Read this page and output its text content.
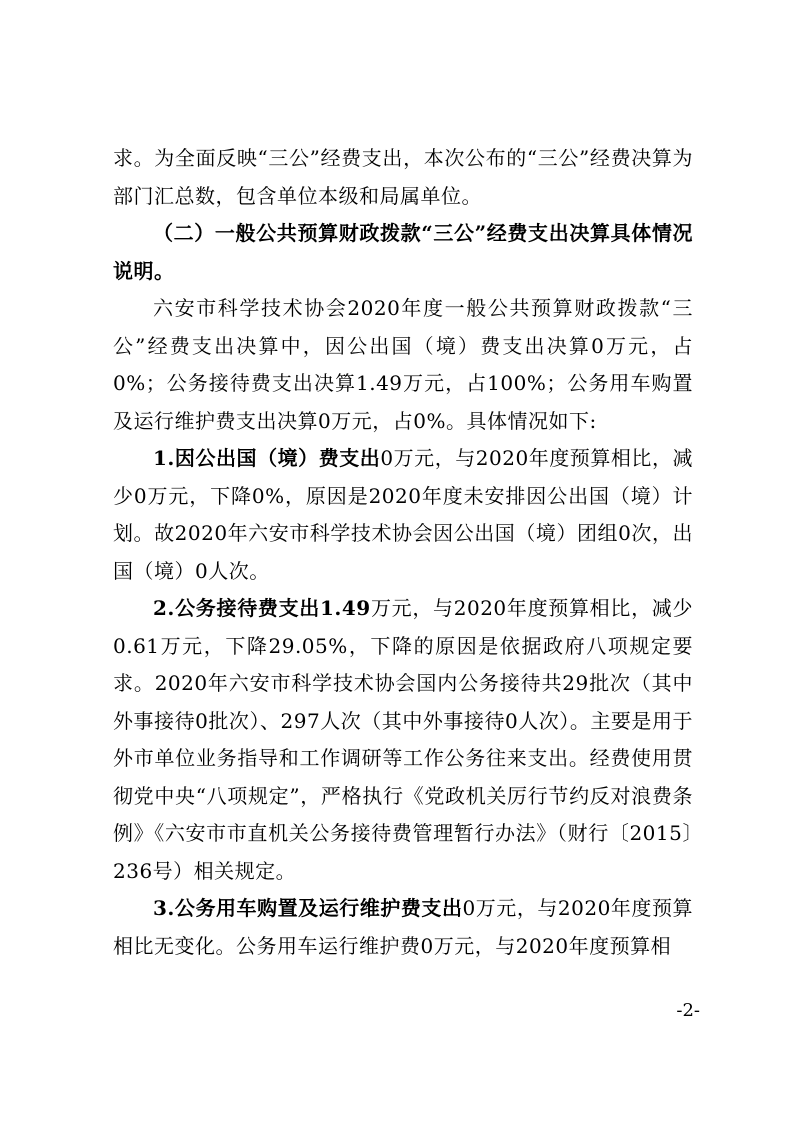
求。为全面反映“三公”经费支出，本次公布的“三公”经费决算为部门汇总数，包含单位本级和局属单位。

（二）一般公共预算财政拨款“三公”经费支出决算具体情况说明。

六安市科学技术协会2020年度一般公共预算财政拨款“三公”经费支出决算中，因公出国（境）费支出决算0万元，占0%；公务接待费支出决算1.49万元，占100%；公务用车购置及运行维护费支出决算0万元，占0%。具体情况如下:

1.因公出国（境）费支出0万元，与2020年度预算相比，减少0万元，下降0%，原因是2020年度未安排因公出国（境）计划。故2020年六安市科学技术协会因公出国（境）团组0次，出国（境）0人次。

2.公务接待费支出1.49万元，与2020年度预算相比，减少0.61万元，下降29.05%，下降的原因是依据政府八项规定要求。2020年六安市科学技术协会国内公务接待共29批次（其中外事接待0批次）、297人次（其中外事接待0人次）。主要是用于外市单位业务指导和工作调研等工作公务往来支出。经费使用贯彻党中央“八项规定”，严格执行《党政机关厉行节约反对浪费条例》《六安市市直机关公务接待费管理暂行办法》（财行〔2015〕236号）相关规定。

3.公务用车购置及运行维护费支出0万元，与2020年度预算相比无变化。公务用车运行维护费0万元，与2020年度预算相

-2-
